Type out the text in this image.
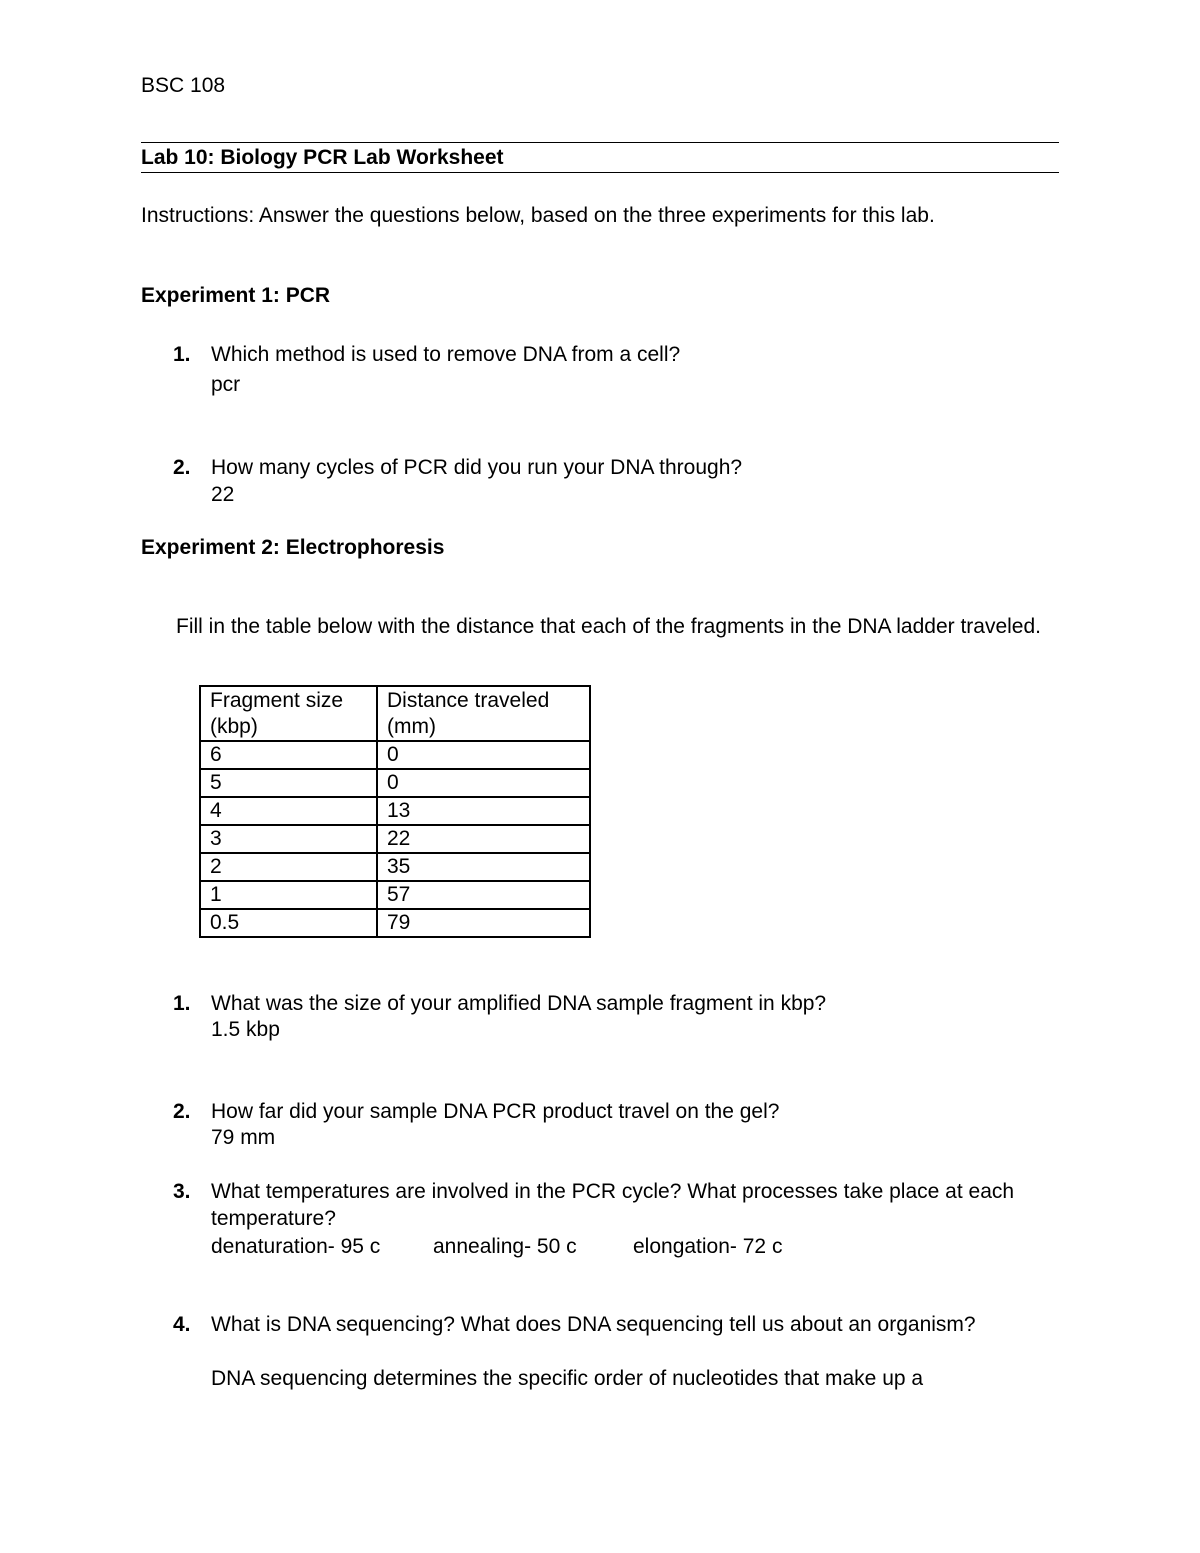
BSC 108
Lab 10: Biology PCR Lab Worksheet
Instructions: Answer the questions below, based on the three experiments for this lab.
Experiment 1: PCR
1. Which method is used to remove DNA from a cell?
pcr
2. How many cycles of PCR did you run your DNA through?
22
Experiment 2: Electrophoresis
Fill in the table below with the distance that each of the fragments in the DNA ladder traveled.
Fragment size (kbp)	Distance traveled (mm)
6	0
5	0
4	13
3	22
2	35
1	57
0.5	79
1. What was the size of your amplified DNA sample fragment in kbp?
1.5 kbp
2. How far did your sample DNA PCR product travel on the gel?
79 mm
3. What temperatures are involved in the PCR cycle? What processes take place at each temperature?
denaturation- 95 c	annealing- 50 c	elongation- 72 c
4. What is DNA sequencing? What does DNA sequencing tell us about an organism?
DNA sequencing determines the specific order of nucleotides that make up a
